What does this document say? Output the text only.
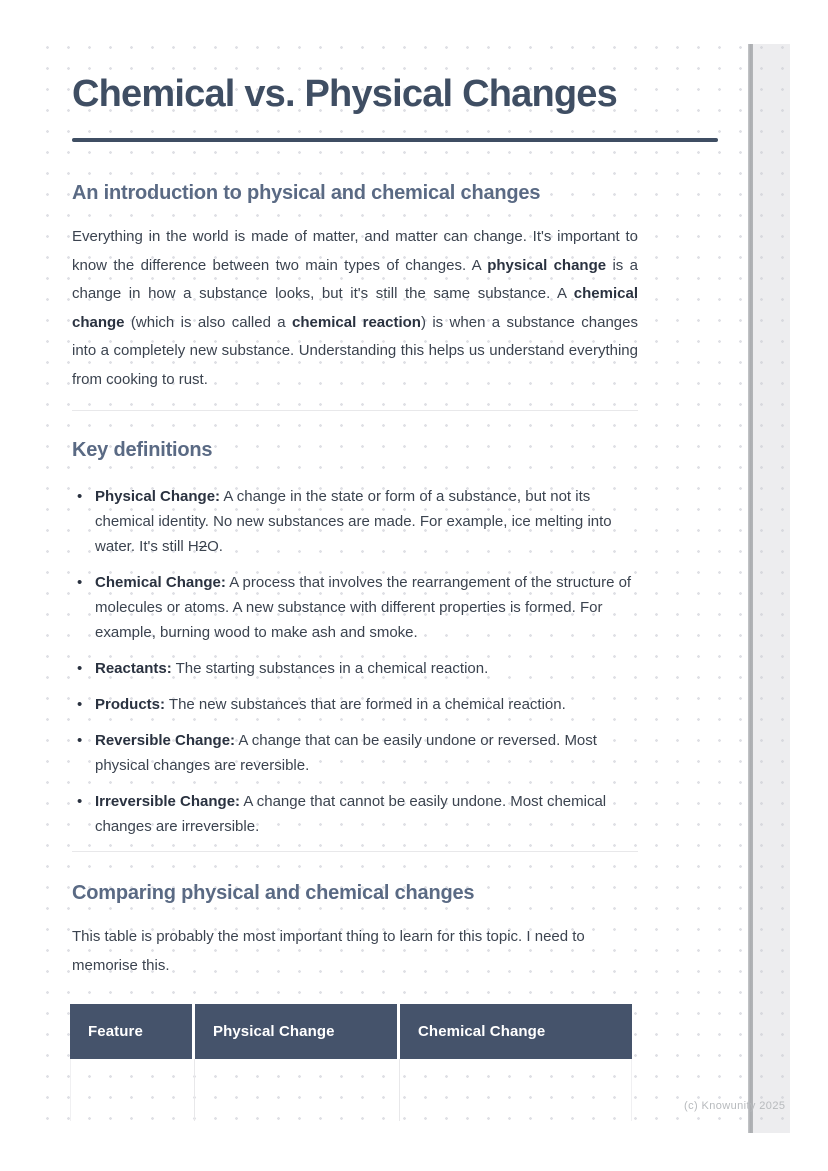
Chemical vs. Physical Changes
An introduction to physical and chemical changes

Everything in the world is made of matter, and matter can change. It's important to know the difference between two main types of changes. A physical change is a change in how a substance looks, but it's still the same substance. A chemical change (which is also called a chemical reaction) is when a substance changes into a completely new substance. Understanding this helps us understand everything from cooking to rust.

Key definitions
• Physical Change: A change in the state or form of a substance, but not its chemical identity. No new substances are made. For example, ice melting into water. It's still H2O.
• Chemical Change: A process that involves the rearrangement of the structure of molecules or atoms. A new substance with different properties is formed. For example, burning wood to make ash and smoke.
• Reactants: The starting substances in a chemical reaction.
• Products: The new substances that are formed in a chemical reaction.
• Reversible Change: A change that can be easily undone or reversed. Most physical changes are reversible.
• Irreversible Change: A change that cannot be easily undone. Most chemical changes are irreversible.
Comparing physical and chemical changes

This table is probably the most important thing to learn for this topic. I need to memorise this.

Feature	Physical Change	Chemical Change

(c) Knowunity 2025
